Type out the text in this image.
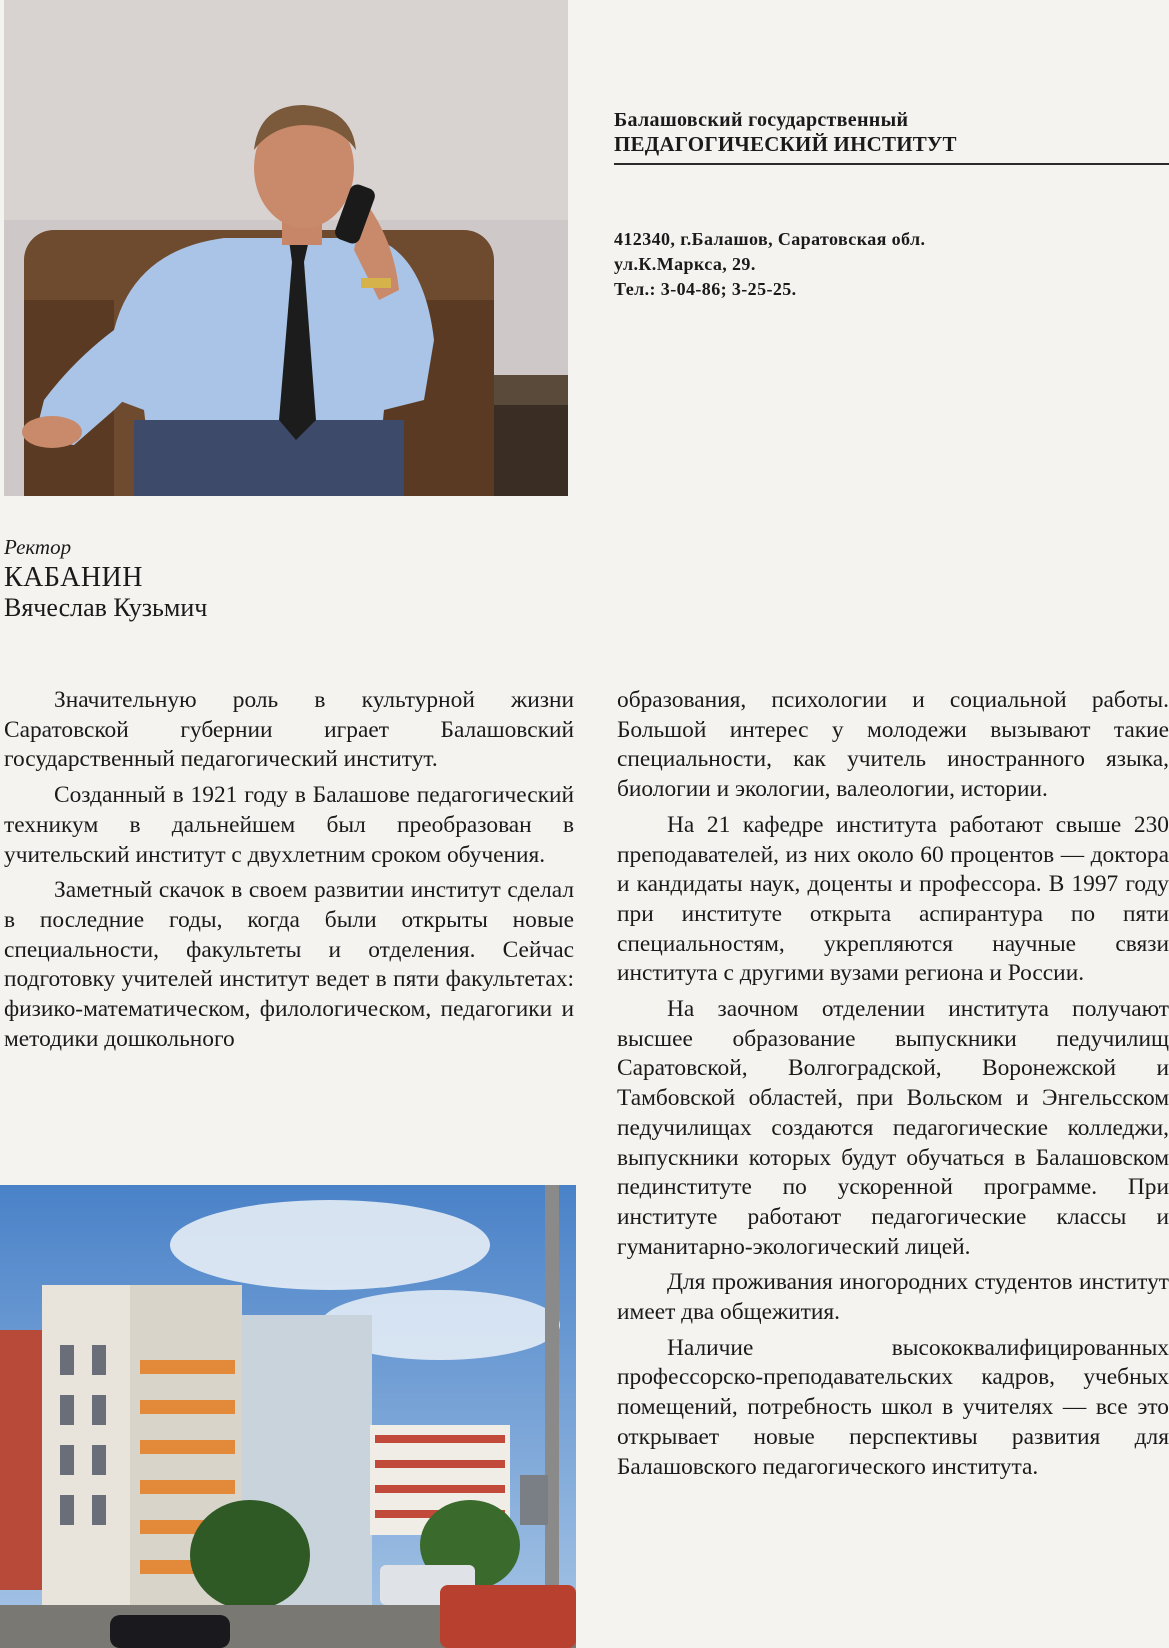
Балашовский государственный
ПЕДАГОГИЧЕСКИЙ ИНСТИТУТ
412340, г.Балашов, Саратовская обл.
ул.К.Маркса, 29.
Тел.: 3-04-86; 3-25-25.
Ректор
КАБАНИН
Вячеслав Кузьмич

Значительную роль в культурной жизни Саратовской губернии играет Балашовский государственный педагогический институт.

Созданный в 1921 году в Балашове педагогический техникум в дальнейшем был преобразован в учительский институт с двухлетним сроком обучения.

Заметный скачок в своем развитии институт сделал в последние годы, когда были открыты новые специальности, факультеты и отделения. Сейчас подготовку учителей институт ведет в пяти факультетах: физико-математическом, филологическом, педагогики и методики дошкольного

образования, психологии и социальной работы. Большой интерес у молодежи вызывают такие специальности, как учитель иностранного языка, биологии и экологии, валеологии, истории.

На 21 кафедре института работают свыше 230 преподавателей, из них около 60 процентов — доктора и кандидаты наук, доценты и профессора. В 1997 году при институте открыта аспирантура по пяти специальностям, укрепляются научные связи института с другими вузами региона и России.

На заочном отделении института получают высшее образование выпускники педучилищ Саратовской, Волгоградской, Воронежской и Тамбовской областей, при Вольском и Энгельсском педучилищах создаются педагогические колледжи, выпускники которых будут обучаться в Балашовском пединституте по ускоренной программе. При институте работают педагогические классы и гуманитарно-экологический лицей.

Для проживания иногородних студентов институт имеет два общежития.

Наличие высококвалифицированных профессорско-преподавательских кадров, учебных помещений, потребность школ в учителях — все это открывает новые перспективы развития для Балашовского педагогического института.
